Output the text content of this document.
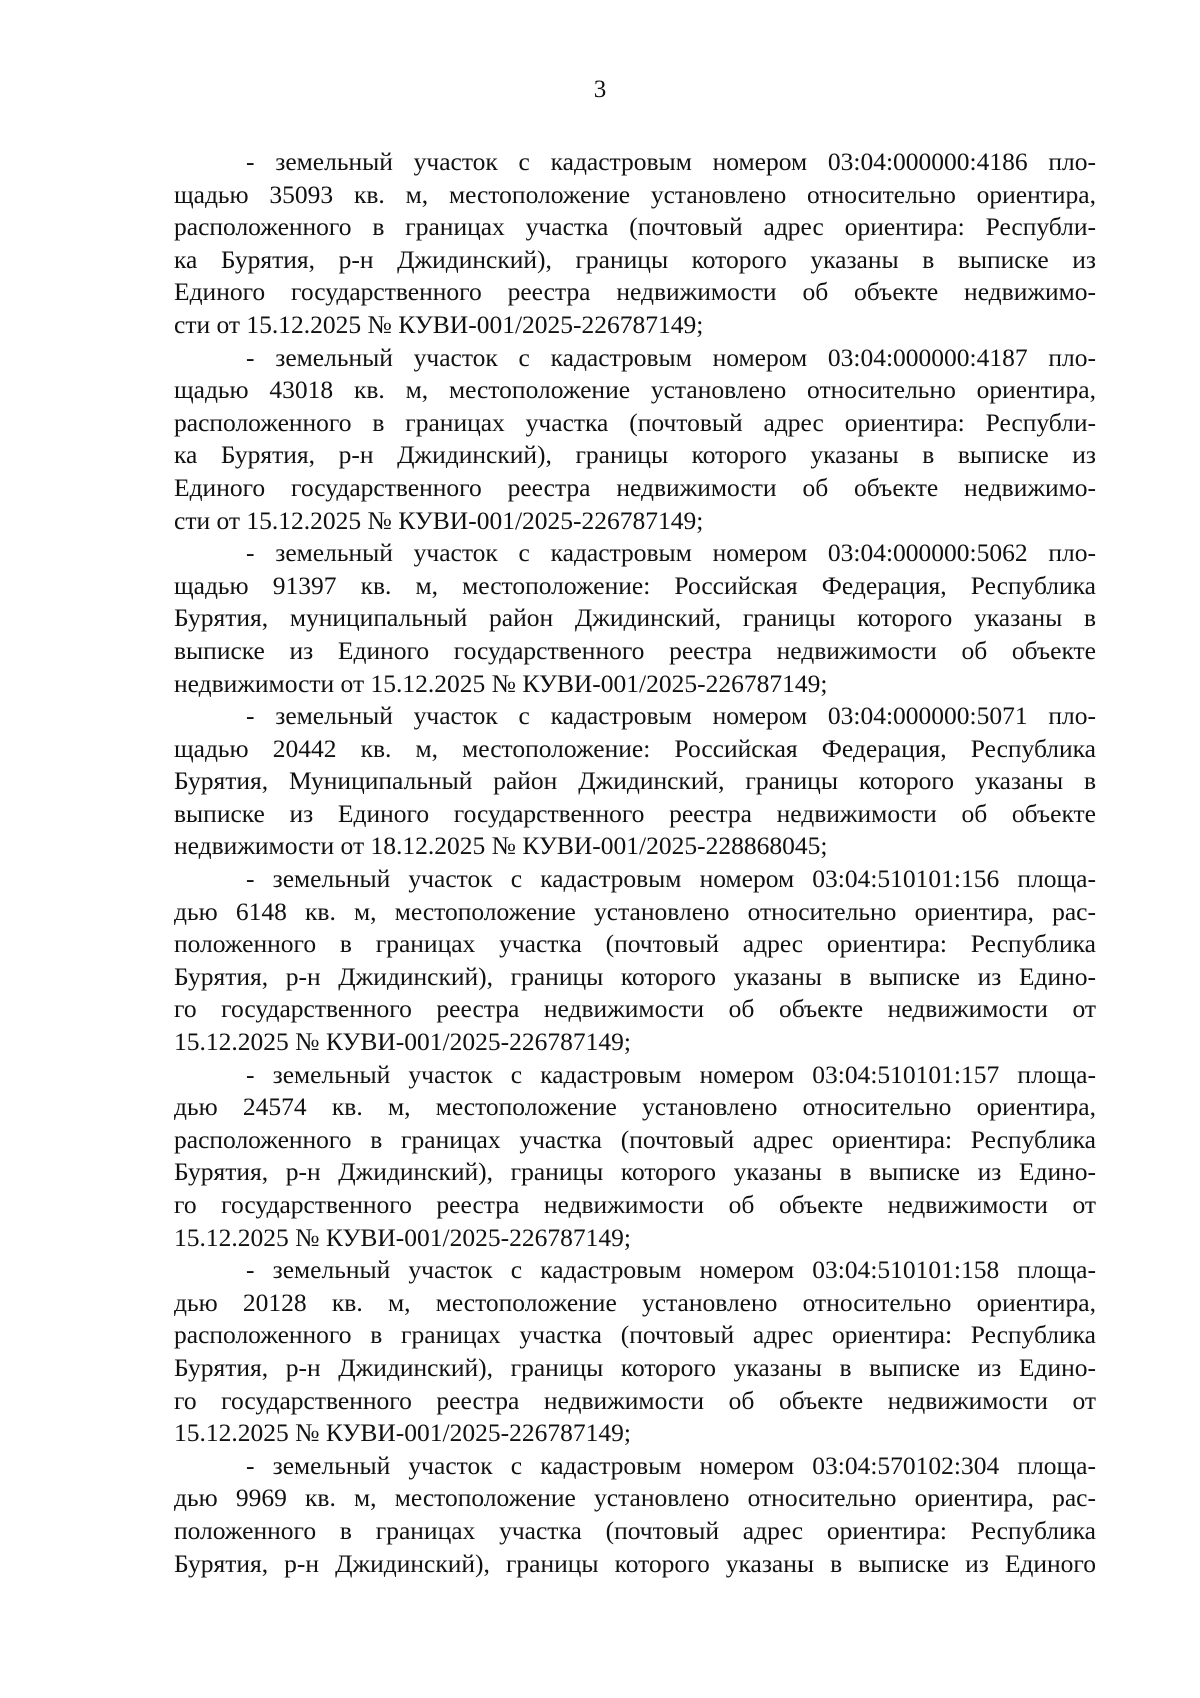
3
- земельный участок с кадастровым номером 03:04:000000:4186 пло-
щадью 35093 кв. м, местоположение установлено относительно ориентира,
расположенного в границах участка (почтовый адрес ориентира: Республи-
ка Бурятия, р-н Джидинский), границы которого указаны в выписке из
Единого государственного реестра недвижимости об объекте недвижимо-
сти от 15.12.2025 № КУВИ-001/2025-226787149;
- земельный участок с кадастровым номером 03:04:000000:4187 пло-
щадью 43018 кв. м, местоположение установлено относительно ориентира,
расположенного в границах участка (почтовый адрес ориентира: Республи-
ка Бурятия, р-н Джидинский), границы которого указаны в выписке из
Единого государственного реестра недвижимости об объекте недвижимо-
сти от 15.12.2025 № КУВИ-001/2025-226787149;
- земельный участок с кадастровым номером 03:04:000000:5062 пло-
щадью 91397 кв. м, местоположение: Российская Федерация, Республика
Бурятия, муниципальный район Джидинский, границы которого указаны в
выписке из Единого государственного реестра недвижимости об объекте
недвижимости от 15.12.2025 № КУВИ-001/2025-226787149;
- земельный участок с кадастровым номером 03:04:000000:5071 пло-
щадью 20442 кв. м, местоположение: Российская Федерация, Республика
Бурятия, Муниципальный район Джидинский, границы которого указаны в
выписке из Единого государственного реестра недвижимости об объекте
недвижимости от 18.12.2025 № КУВИ-001/2025-228868045;
- земельный участок с кадастровым номером 03:04:510101:156 площа-
дью 6148 кв. м, местоположение установлено относительно ориентира, рас-
положенного в границах участка (почтовый адрес ориентира: Республика
Бурятия, р-н Джидинский), границы которого указаны в выписке из Едино-
го государственного реестра недвижимости об объекте недвижимости от
15.12.2025 № КУВИ-001/2025-226787149;
- земельный участок с кадастровым номером 03:04:510101:157 площа-
дью 24574 кв. м, местоположение установлено относительно ориентира,
расположенного в границах участка (почтовый адрес ориентира: Республика
Бурятия, р-н Джидинский), границы которого указаны в выписке из Едино-
го государственного реестра недвижимости об объекте недвижимости от
15.12.2025 № КУВИ-001/2025-226787149;
- земельный участок с кадастровым номером 03:04:510101:158 площа-
дью 20128 кв. м, местоположение установлено относительно ориентира,
расположенного в границах участка (почтовый адрес ориентира: Республика
Бурятия, р-н Джидинский), границы которого указаны в выписке из Едино-
го государственного реестра недвижимости об объекте недвижимости от
15.12.2025 № КУВИ-001/2025-226787149;
- земельный участок с кадастровым номером 03:04:570102:304 площа-
дью 9969 кв. м, местоположение установлено относительно ориентира, рас-
положенного в границах участка (почтовый адрес ориентира: Республика
Бурятия, р-н Джидинский), границы которого указаны в выписке из Единого
